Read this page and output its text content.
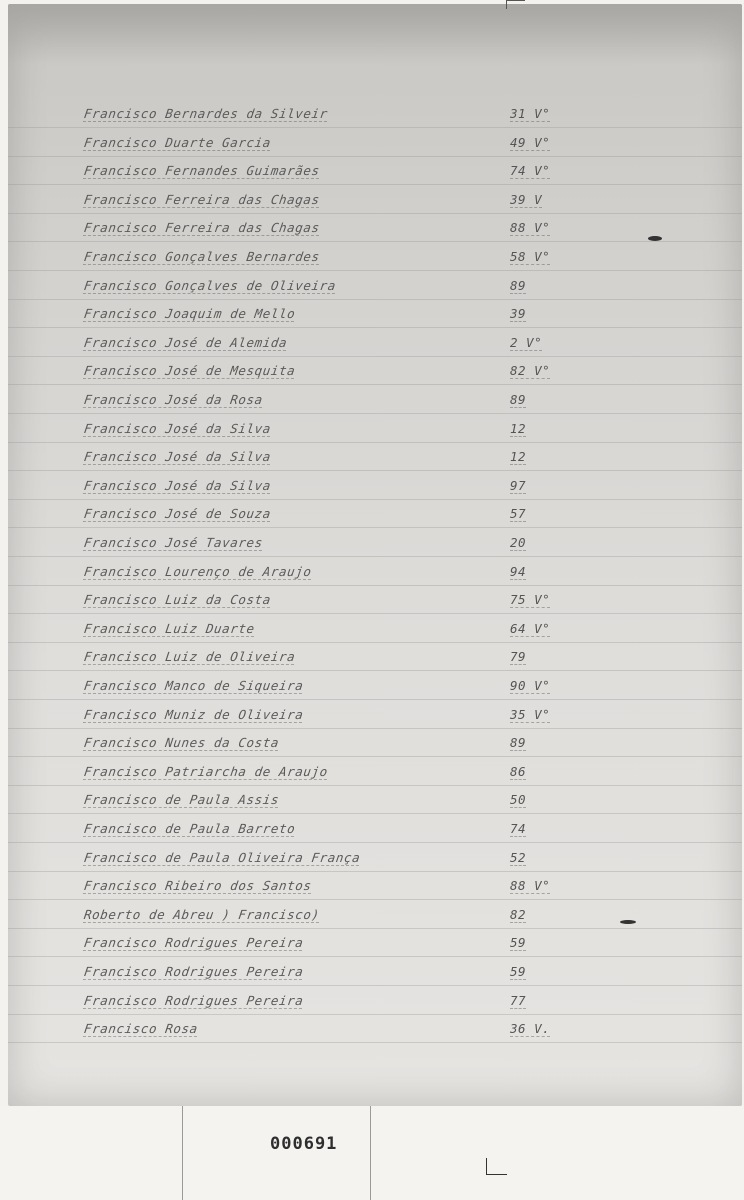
Francisco Bernardes da Silveir	31 V°
Francisco Duarte Garcia	49 V°
Francisco Fernandes Guimarães	74 V°
Francisco Ferreira das Chagas	39 V
Francisco Ferreira das Chagas	88 V°
Francisco Gonçalves Bernardes	58 V°
Francisco Gonçalves de Oliveira	89
Francisco Joaquim de Mello	39
Francisco José de Alemida	2 V°
Francisco José de Mesquita	82 V°
Francisco José da Rosa	89
Francisco José da Silva	12
Francisco José da Silva	12
Francisco José da Silva	97
Francisco José de Souza	57
Francisco José Tavares	20
Francisco Lourenço de Araujo	94
Francisco Luiz da Costa	75 V°
Francisco Luiz Duarte	64 V°
Francisco Luiz de Oliveira	79
Francisco Manco de Siqueira	90 V°
Francisco Muniz de Oliveira	35 V°
Francisco Nunes da Costa	89
Francisco Patriarcha de Araujo	86
Francisco de Paula Assis	50
Francisco de Paula Barreto	74
Francisco de Paula Oliveira França	52
Francisco Ribeiro dos Santos	88 V°
Roberto de Abreu ) Francisco)	82
Francisco Rodrigues Pereira	59
Francisco Rodrigues Pereira	59
Francisco Rodrigues Pereira	77
Francisco Rosa	36 V.
000691
